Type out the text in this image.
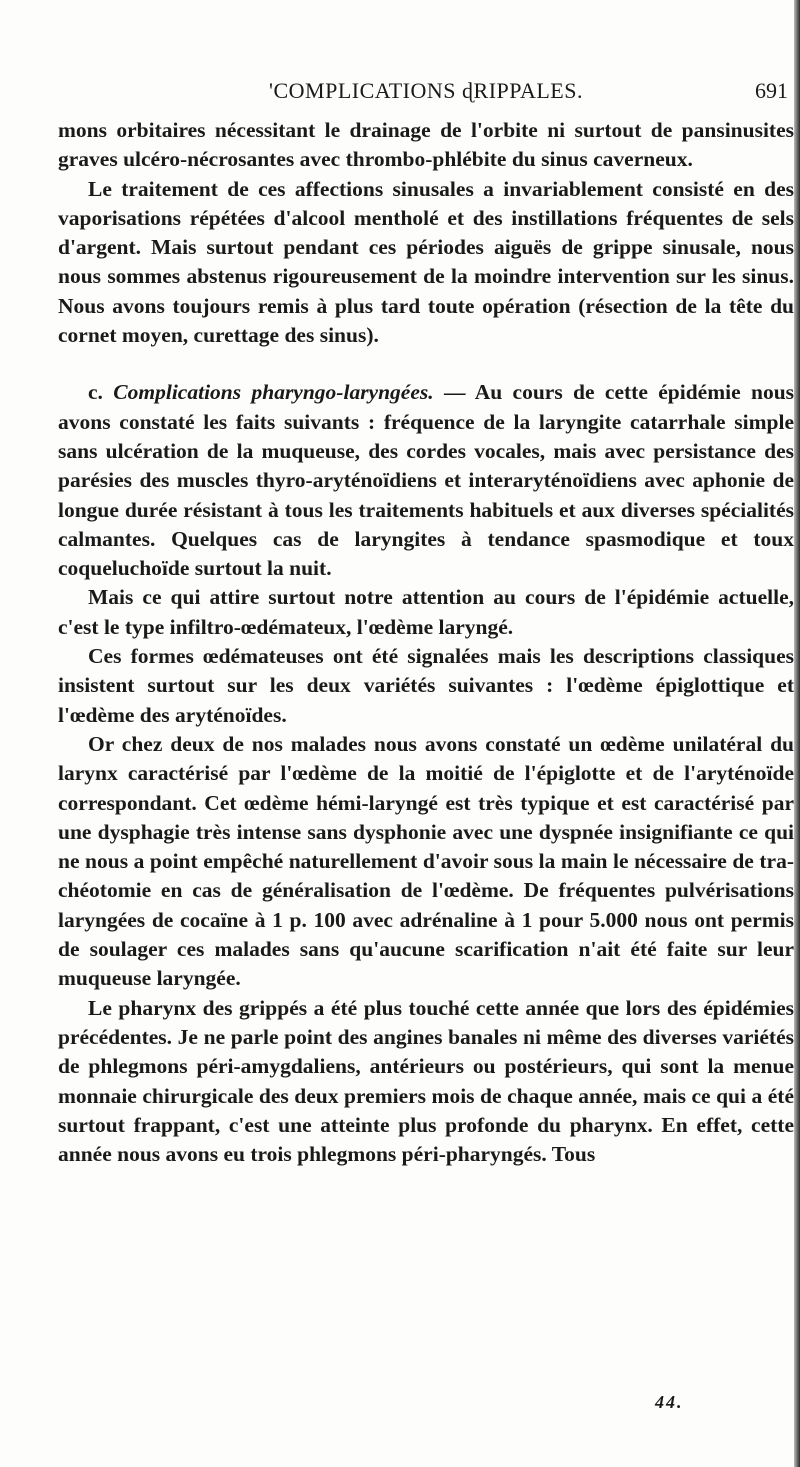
'COMPLICATIONS ɖRIPPALES.	691

mons orbitaires nécessitant le drainage de l'orbite ni surtout de pansinusites graves ulcéro-nécrosantes avec thrombo-phlébite du sinus caverneux.

Le traitement de ces affections sinusales a invariablement consisté en des vaporisations répétées d'alcool mentholé et des instillations fréquentes de sels d'argent. Mais surtout pendant ces périodes aiguës de grippe sinusale, nous nous sommes abstenus rigoureusement de la moindre intervention sur les sinus. Nous avons toujours remis à plus tard toute opération (résection de la tête du cornet moyen, curettage des sinus).

c. Complications pharyngo-laryngées. — Au cours de cette épidémie nous avons constaté les faits suivants : fréquence de la laryngite catarrhale simple sans ulcération de la muqueuse, des cordes vocales, mais avec persistance des parésies des muscles thyro-aryténoïdiens et interaryténoïdiens avec aphonie de longue durée résistant à tous les traitements habituels et aux diverses spécialités calmantes. Quelques cas de laryngites à tendance spasmodique et toux coqueluchoïde surtout la nuit.

Mais ce qui attire surtout notre attention au cours de l'épidémie actuelle, c'est le type infiltro-œdémateux, l'œdème laryngé.

Ces formes œdémateuses ont été signalées mais les descriptions classiques insistent surtout sur les deux variétés suivantes : l'œdème épiglottique et l'œdème des aryténoïdes.

Or chez deux de nos malades nous avons constaté un œdème unilatéral du larynx caractérisé par l'œdème de la moitié de l'épiglotte et de l'aryténoïde correspondant. Cet œdème hémi-laryngé est très typique et est caractérisé par une dysphagie très intense sans dysphonie avec une dyspnée insignifiante ce qui ne nous a point empêché naturellement d'avoir sous la main le nécessaire de trachéotomie en cas de généralisation de l'œdème. De fréquentes pulvérisations laryngées de cocaïne à 1 p. 100 avec adrénaline à 1 pour 5.000 nous ont permis de soulager ces malades sans qu'aucune scarification n'ait été faite sur leur muqueuse laryngée.

Le pharynx des grippés a été plus touché cette année que lors des épidémies précédentes. Je ne parle point des angines banales ni même des diverses variétés de phlegmons péri-amygdaliens, antérieurs ou postérieurs, qui sont la menue monnaie chirurgicale des deux premiers mois de chaque année, mais ce qui a été surtout frappant, c'est une atteinte plus profonde du pharynx. En effet, cette année nous avons eu trois phlegmons péri-pharyngés. Tous

44.
